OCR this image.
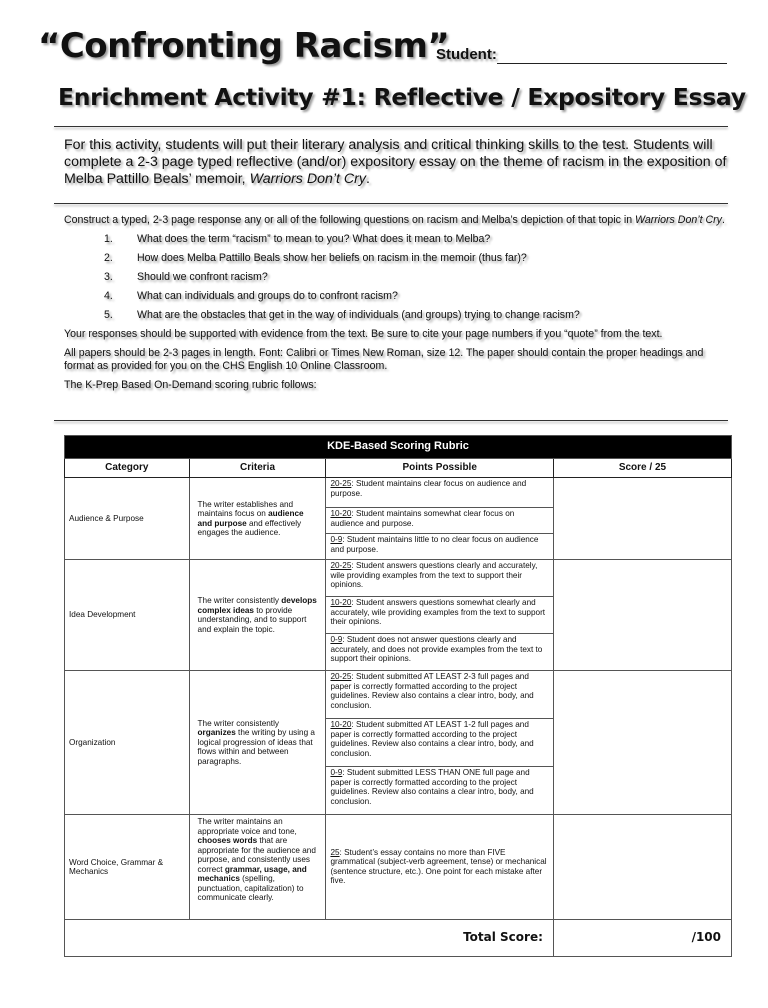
“Confronting Racism”
Student:
Enrichment Activity #1: Reflective / Expository Essay
For this activity, students will put their literary analysis and critical thinking skills to the test. Students will complete a 2-3 page typed reflective (and/or) expository essay on the theme of racism in the exposition of Melba Pattillo Beals’ memoir, Warriors Don’t Cry.

Construct a typed, 2-3 page response any or all of the following questions on racism and Melba’s depiction of that topic in Warriors Don’t Cry.

1.	What does the term “racism” to mean to you? What does it mean to Melba?
2.	How does Melba Pattillo Beals show her beliefs on racism in the memoir (thus far)?
3.	Should we confront racism?
4.	What can individuals and groups do to confront racism?
5.	What are the obstacles that get in the way of individuals (and groups) trying to change racism?

Your responses should be supported with evidence from the text. Be sure to cite your page numbers if you “quote” from the text.

All papers should be 2-3 pages in length. Font: Calibri or Times New Roman, size 12. The paper should contain the proper headings and format as provided for you on the CHS English 10 Online Classroom.

The K-Prep Based On-Demand scoring rubric follows:

KDE-Based Scoring Rubric			
Category	Criteria	Points Possible	Score / 25
Audience & Purpose	The writer establishes and maintains focus on audience and purpose and effectively engages the audience.	20-25: Student maintains clear focus on audience and purpose.	
		10-20: Student maintains somewhat clear focus on audience and purpose.	
		0-9: Student maintains little to no clear focus on audience and purpose.	
Idea Development	The writer consistently develops complex ideas to provide understanding, and to support and explain the topic.	20-25: Student answers questions clearly and accurately, wile providing examples from the text to support their opinions.	
		10-20: Student answers questions somewhat clearly and accurately, wile providing examples from the text to support their opinions.	
		0-9: Student does not answer questions clearly and accurately, and does not provide examples from the text to support their opinions.	
Organization	The writer consistently organizes the writing by using a logical progression of ideas that flows within and between paragraphs.	20-25: Student submitted AT LEAST 2-3 full pages and paper is correctly formatted according to the project guidelines. Review also contains a clear intro, body, and conclusion.	
		10-20: Student submitted AT LEAST 1-2 full pages and paper is correctly formatted according to the project guidelines. Review also contains a clear intro, body, and conclusion.	
		0-9: Student submitted LESS THAN ONE full page and paper is correctly formatted according to the project guidelines. Review also contains a clear intro, body, and conclusion.	
Word Choice, Grammar & Mechanics	The writer maintains an appropriate voice and tone, chooses words that are appropriate for the audience and purpose, and consistently uses correct grammar, usage, and mechanics (spelling, punctuation, capitalization) to communicate clearly.	25: Student’s essay contains no more than FIVE grammatical (subject-verb agreement, tense) or mechanical (sentence structure, etc.). One point for each mistake after five.	
Total Score:			/100
